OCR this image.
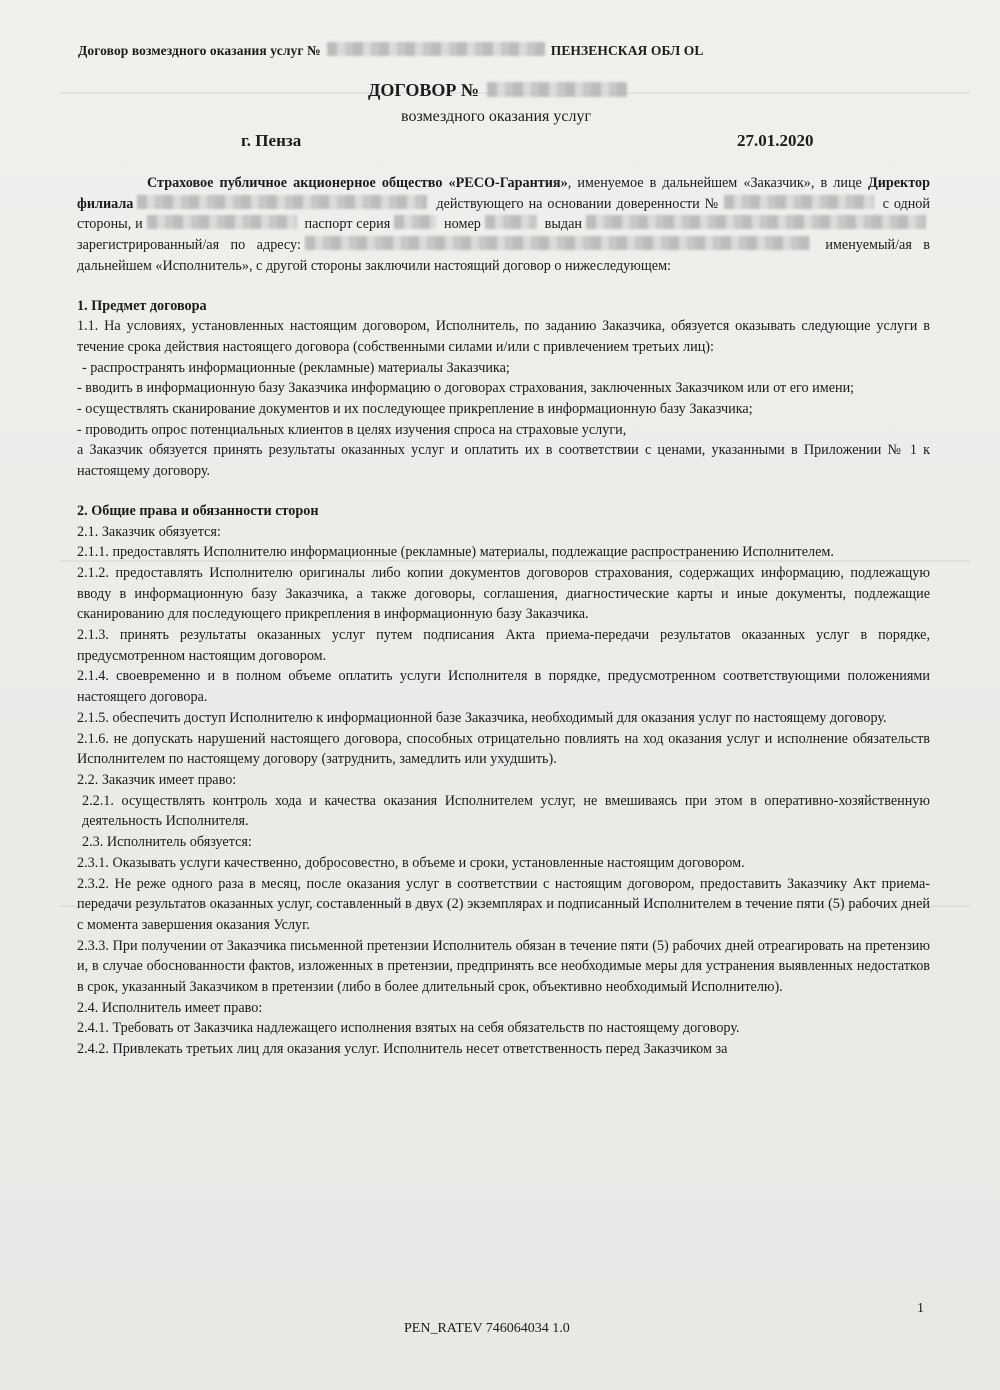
Договор возмездного оказания услуг №	ПЕНЗЕНСКАЯ ОБЛ OL
ДОГОВОР №
возмездного оказания услуг
г. Пенза	27.01.2020

Страховое публичное акционерное общество «РЕСО-Гарантия», именуемое в дальнейшем «Заказчик», в лице Директор филиала	действующего на основании доверенности №	с одной стороны, и	паспорт серия	номер	выдан зарегистрированный/ая по адресу:	именуемый/ая в дальнейшем «Исполнитель», с другой стороны заключили настоящий договор о нижеследующем:

1. Предмет договора

1.1. На условиях, установленных настоящим договором, Исполнитель, по заданию Заказчика, обязуется оказывать следующие услуги в течение срока действия настоящего договора (собственными силами и/или с привлечением третьих лиц):

- распространять информационные (рекламные) материалы Заказчика;

- вводить в информационную базу Заказчика информацию о договорах страхования, заключенных Заказчиком или от его имени;

- осуществлять сканирование документов и их последующее прикрепление в информационную базу Заказчика;

- проводить опрос потенциальных клиентов в целях изучения спроса на страховые услуги,

а Заказчик обязуется принять результаты оказанных услуг и оплатить их в соответствии с ценами, указанными в Приложении № 1 к настоящему договору.

2. Общие права и обязанности сторон

2.1. Заказчик обязуется:

2.1.1. предоставлять Исполнителю информационные (рекламные) материалы, подлежащие распространению Исполнителем.

2.1.2. предоставлять Исполнителю оригиналы либо копии документов договоров страхования, содержащих информацию, подлежащую вводу в информационную базу Заказчика, а также договоры, соглашения, диагностические карты и иные документы, подлежащие сканированию для последующего прикрепления в информационную базу Заказчика.

2.1.3. принять результаты оказанных услуг путем подписания Акта приема-передачи результатов оказанных услуг в порядке, предусмотренном настоящим договором.

2.1.4. своевременно и в полном объеме оплатить услуги Исполнителя в порядке, предусмотренном соответствующими положениями настоящего договора.

2.1.5. обеспечить доступ Исполнителю к информационной базе Заказчика, необходимый для оказания услуг по настоящему договору.

2.1.6. не допускать нарушений настоящего договора, способных отрицательно повлиять на ход оказания услуг и исполнение обязательств Исполнителем по настоящему договору (затруднить, замедлить или ухудшить).

2.2. Заказчик имеет право:

2.2.1. осуществлять контроль хода и качества оказания Исполнителем услуг, не вмешиваясь при этом в оперативно-хозяйственную деятельность Исполнителя.

2.3. Исполнитель обязуется:

2.3.1. Оказывать услуги качественно, добросовестно, в объеме и сроки, установленные настоящим договором.

2.3.2. Не реже одного раза в месяц, после оказания услуг в соответствии с настоящим договором, предоставить Заказчику Акт приема-передачи результатов оказанных услуг, составленный в двух (2) экземплярах и подписанный Исполнителем в течение пяти (5) рабочих дней с момента завершения оказания Услуг.

2.3.3. При получении от Заказчика письменной претензии Исполнитель обязан в течение пяти (5) рабочих дней отреагировать на претензию и, в случае обоснованности фактов, изложенных в претензии, предпринять все необходимые меры для устранения выявленных недостатков в срок, указанный Заказчиком в претензии (либо в более длительный срок, объективно необходимый Исполнителю).

2.4. Исполнитель имеет право:

2.4.1. Требовать от Заказчика надлежащего исполнения взятых на себя обязательств по настоящему договору.

2.4.2. Привлекать третьих лиц для оказания услуг. Исполнитель несет ответственность перед Заказчиком за

1
PEN_RATEV 746064034 1.0
